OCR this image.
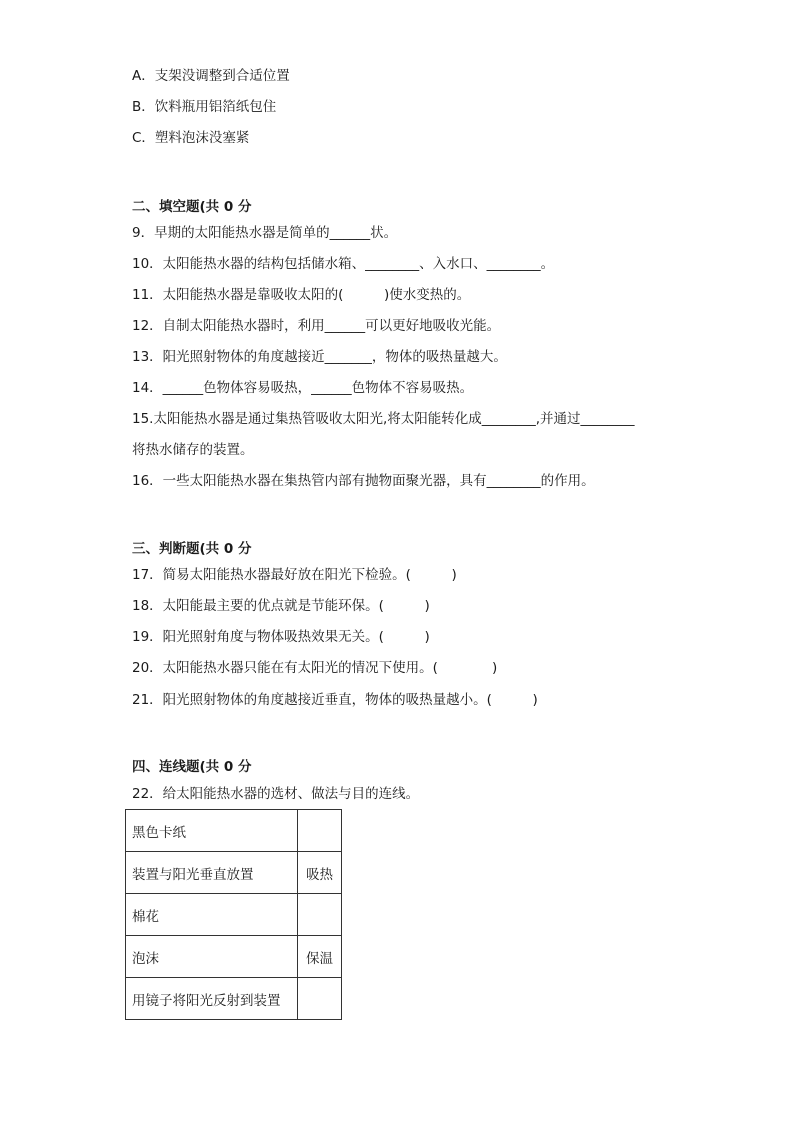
A．支架没调整到合适位置
B．饮料瓶用铝箔纸包住
C．塑料泡沫没塞紧
二、填空题(共 0 分
9．早期的太阳能热水器是简单的______状。
10．太阳能热水器的结构包括储水箱、________、入水口、________。
11．太阳能热水器是靠吸收太阳的(　　　)使水变热的。
12．自制太阳能热水器时，利用______可以更好地吸收光能。
13．阳光照射物体的角度越接近_______，物体的吸热量越大。
14．______色物体容易吸热，______色物体不容易吸热。
15.太阳能热水器是通过集热管吸收太阳光,将太阳能转化成________,并通过________
将热水储存的装置。
16．一些太阳能热水器在集热管内部有抛物面聚光器，具有________的作用。
三、判断题(共 0 分
17．简易太阳能热水器最好放在阳光下检验。(　　　)
18．太阳能最主要的优点就是节能环保。(　　　)
19．阳光照射角度与物体吸热效果无关。(　　　)
20．太阳能热水器只能在有太阳光的情况下使用。(　　　　)
21．阳光照射物体的角度越接近垂直，物体的吸热量越小。(　　　)
四、连线题(共 0 分
22．给太阳能热水器的选材、做法与目的连线。
黑色卡纸	
装置与阳光垂直放置	吸热
棉花	
泡沫	保温
用镜子将阳光反射到装置	
